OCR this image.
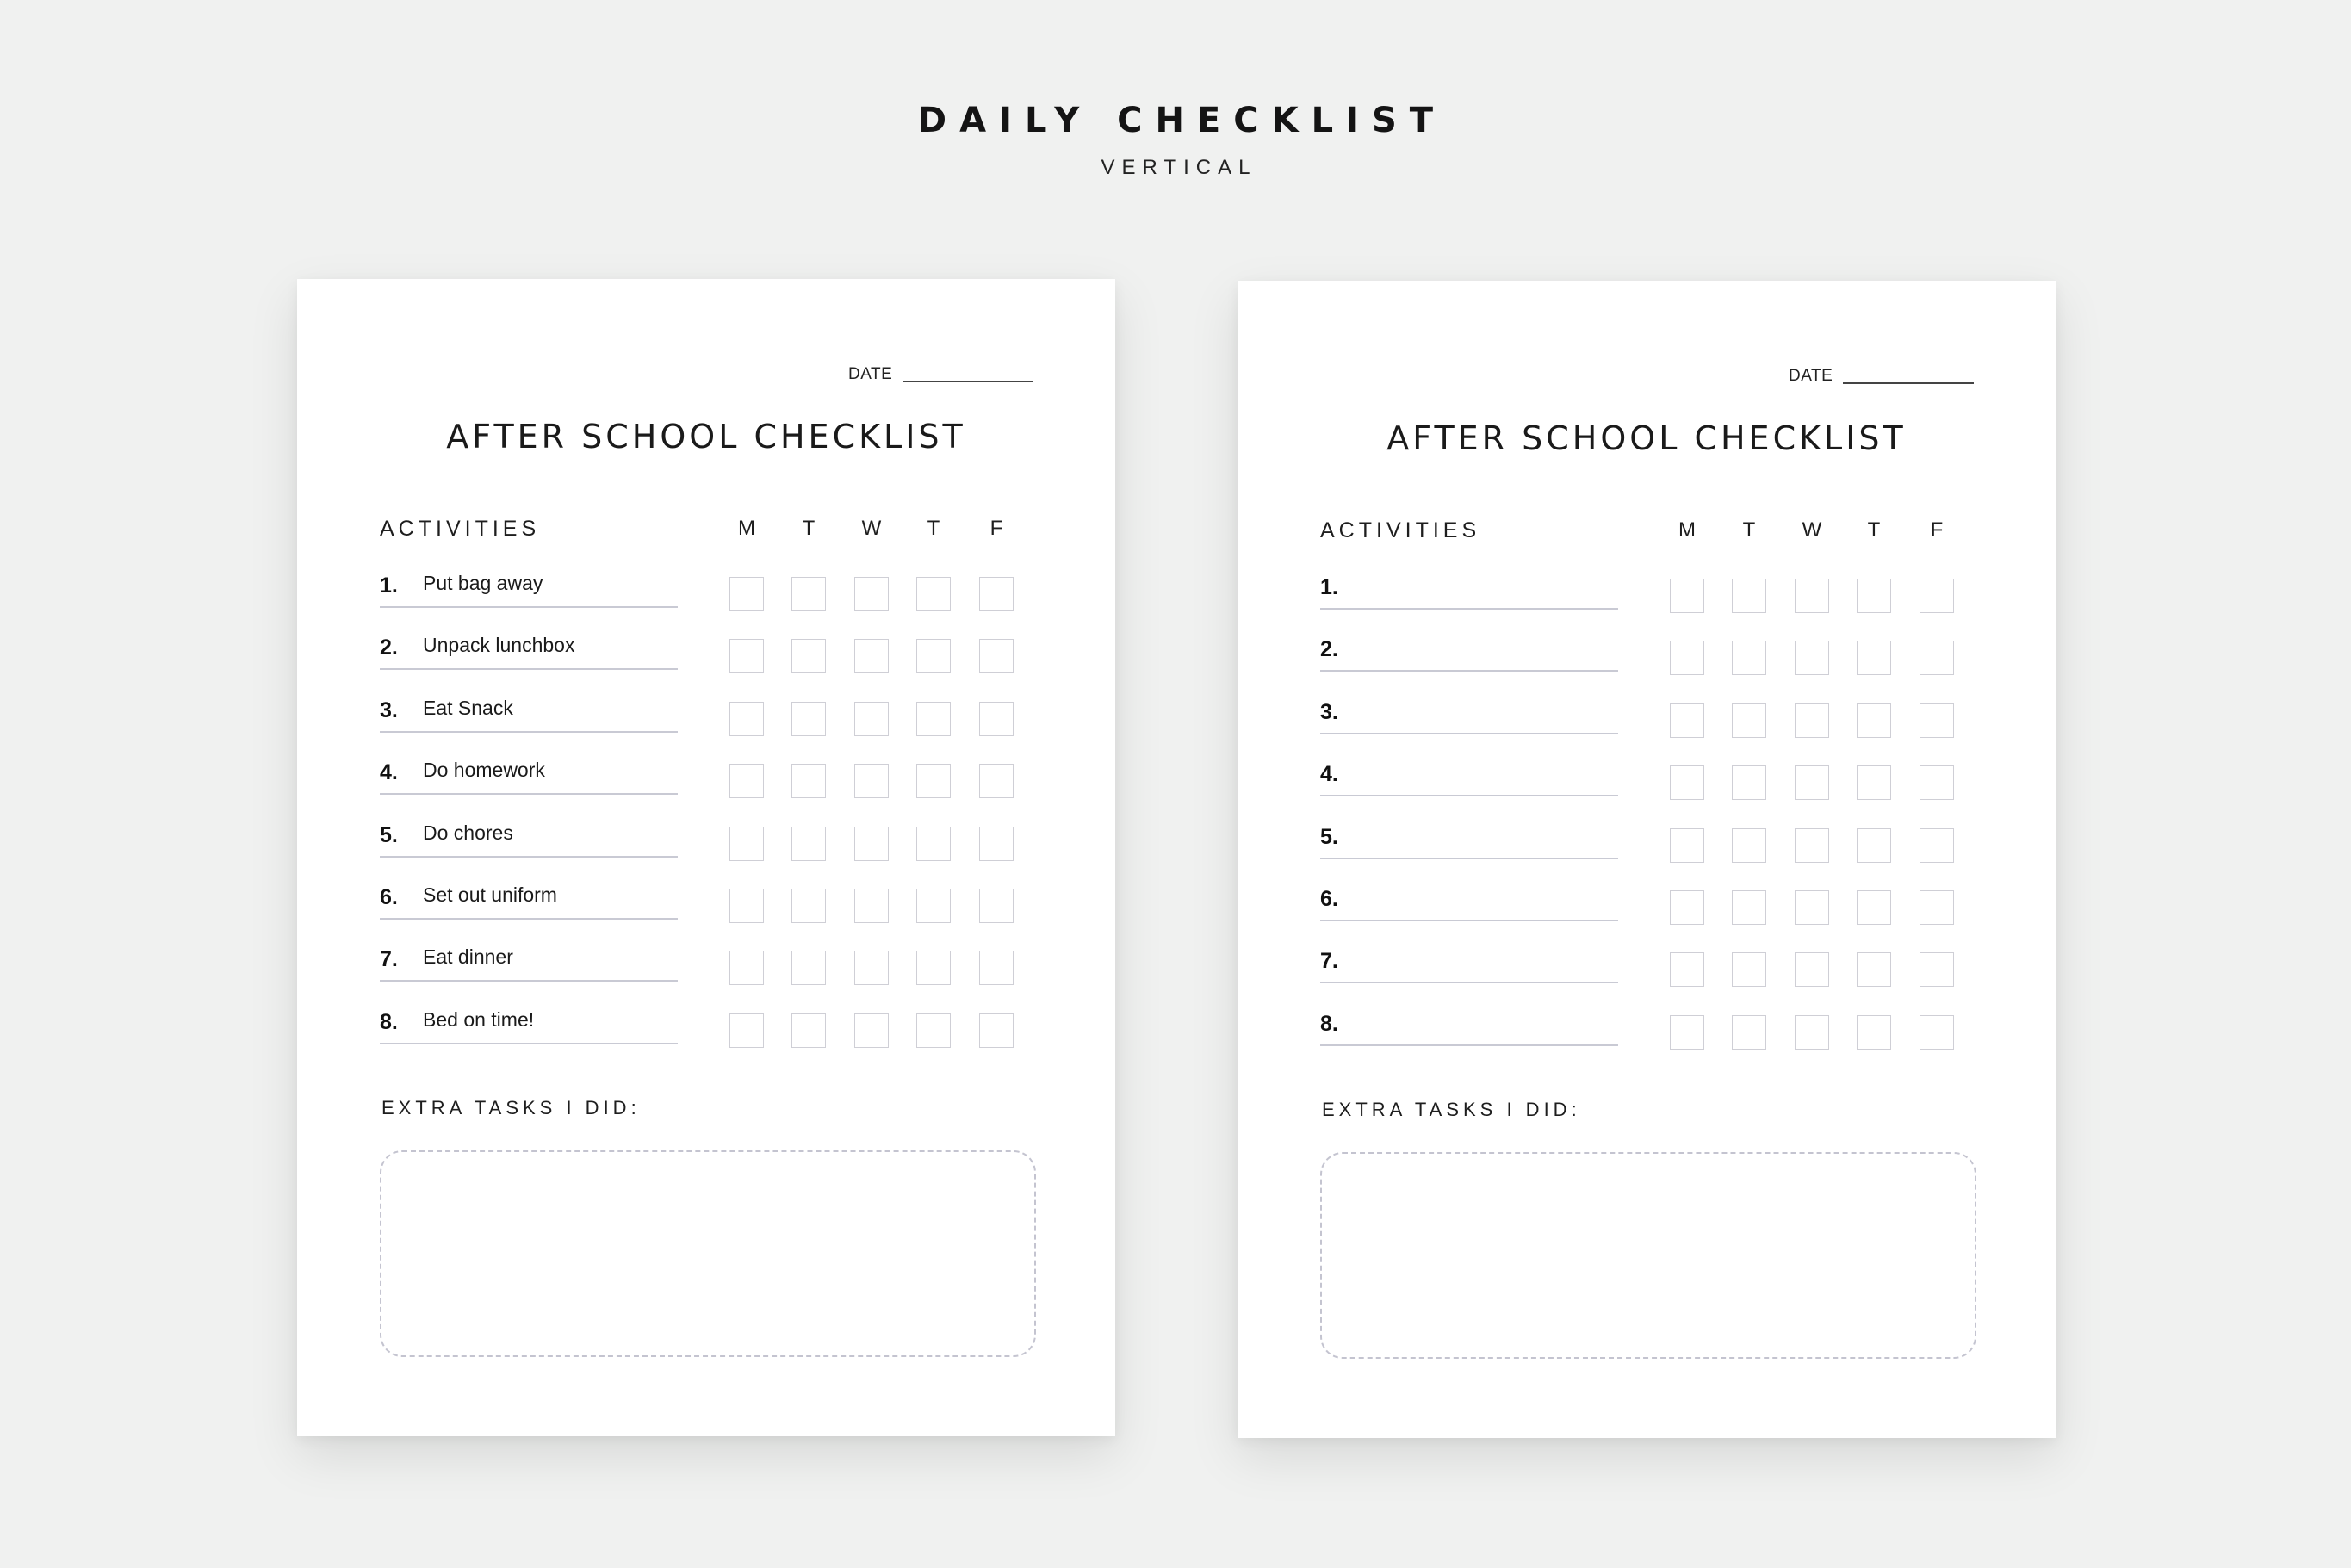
DAILY CHECKLIST
VERTICAL
DATE
AFTER SCHOOL CHECKLIST
ACTIVITIES	M	T	W	T	F
1. Put bag away
2. Unpack lunchbox
3. Eat Snack
4. Do homework
5. Do chores
6. Set out uniform
7. Eat dinner
8. Bed on time!
EXTRA TASKS I DID:
DATE
AFTER SCHOOL CHECKLIST
ACTIVITIES	M	T	W	T	F
1.
2.
3.
4.
5.
6.
7.
8.
EXTRA TASKS I DID:
